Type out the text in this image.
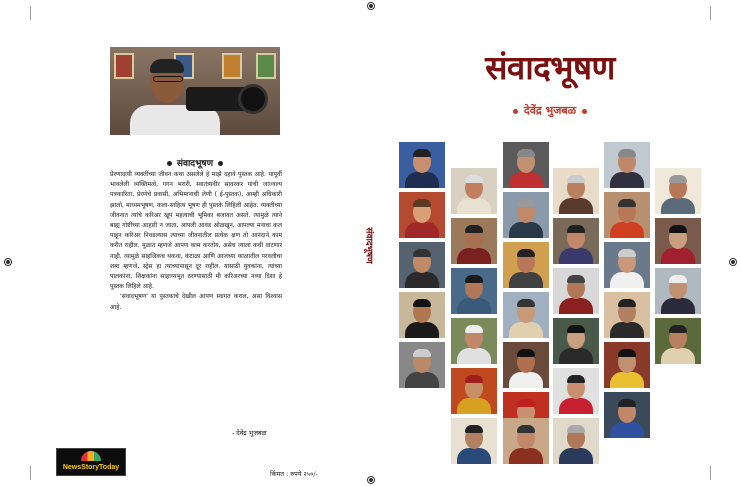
संवादभूषण

प्रेरणादायी व्यक्तींच्या जीवन कथा असलेले हे माझे दहावे पुस्तक आहे. यापूर्वी भावलेली व्यक्तिमत्वे, गगन भरारी, स्वातंत्र्यवीर सावरकर यांची जाज्वल्य पत्रकारिता, प्रेरणेचे प्रवासी, अभिमानाची लेणी ( ई-पुस्तक), आम्ही अधिकारी झालो, माध्यमभूषण, कला-साहित्य भूषण ही पुस्तके लिहिली आहेत. व्यक्तींच्या जीवनात त्यांचे करिअर खूप महत्वाची भूमिका बजावत असते. त्यामुळे त्याने बाह्य गोष्टींच्या आहारी न जाता, आपली आवड ओळखून, आपल्या मनाचा कल पाहून करिअर निवडल्यास त्याच्या जीवनातील प्रत्येक क्षण तो आनंदाने काम करीत राहील. मुळात म्हणजे आपण काम करतोय, असेच त्याला कधी वाटणार नाही. त्यामुळे साहजिकच थकवा, कंटाळा आणि आजच्या काळातील परवलीचा शब्द म्हणजे, स्ट्रेस हा त्याच्यापासून दूर राहील. यासाठी युवकांना, त्यांच्या पालकांना, शिक्षकांना साहाय्यभूत ठरण्यासाठी मी करिअरच्या नव्या दिशा हे पुस्तक लिहिले आहे.

'संवादभूषण' या पुस्तकाचे देखील आपण स्वागत कराल, असा विश्वास आहे.

- देवेंद्र भुजबळ
NewsStoryToday
किंमत : रुपये २५०/-
संवादभूषण
संवादभूषण
देवेंद्र भुजबळ
